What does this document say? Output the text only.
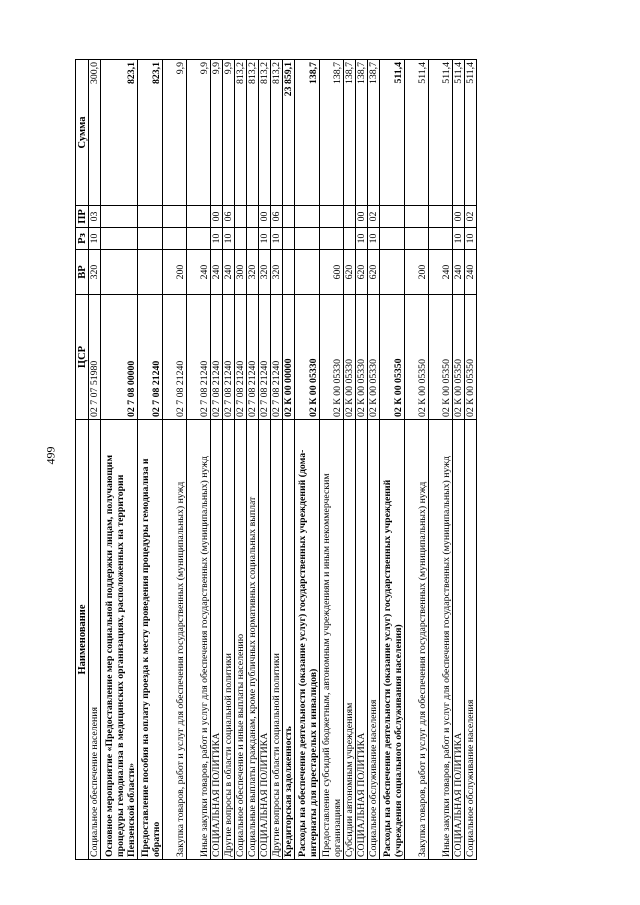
499
Наименование	ЦСР	ВР	Рз	ПР	Сумма
Социальное обеспечение населения	02 7 07 51980	320	10	03	300,0
Основное мероприятие «Предоставление мер социальной поддержки лицам, получающим процедуры гемодиализа в медицинских организациях, расположенных на территории Пензенской области»	02 7 08 00000				823,1
Предоставление пособия на оплату проезда к месту проведения процедуры гемодиализа и обратно	02 7 08 21240				823,1
Закупка товаров, работ и услуг для обеспечения государственных (муниципальных) нужд	02 7 08 21240	200			9,9
Иные закупки товаров, работ и услуг для обеспечения государственных (муниципальных) нужд	02 7 08 21240	240			9,9
СОЦИАЛЬНАЯ ПОЛИТИКА	02 7 08 21240	240	10	00	9,9
Другие вопросы в области социальной политики	02 7 08 21240	240	10	06	9,9
Социальное обеспечение и иные выплаты населению	02 7 08 21240	300			813,2
Социальные выплаты гражданам, кроме публичных нормативных социальных выплат	02 7 08 21240	320			813,2
СОЦИАЛЬНАЯ ПОЛИТИКА	02 7 08 21240	320	10	00	813,2
Другие вопросы в области социальной политики	02 7 08 21240	320	10	06	813,2
Кредиторская задолженность	02 К 00 00000				23 859,1
Расходы на обеспечение деятельности (оказание услуг) государственных учреждений (дома-интернаты для престарелых и инвалидов)	02 К 00 05330				138,7
Предоставление субсидий бюджетным, автономным учреждениям и иным некоммерческим организациям	02 К 00 05330	600			138,7
Субсидии автономным учреждениям	02 К 00 05330	620			138,7
СОЦИАЛЬНАЯ ПОЛИТИКА	02 К 00 05330	620	10	00	138,7
Социальное обслуживание населения	02 К 00 05330	620	10	02	138,7
Расходы на обеспечение деятельности (оказание услуг) государственных учреждений (учреждения социального обслуживания населения)	02 К 00 05350				511,4
Закупка товаров, работ и услуг для обеспечения государственных (муниципальных) нужд	02 К 00 05350	200			511,4
Иные закупки товаров, работ и услуг для обеспечения государственных (муниципальных) нужд	02 К 00 05350	240			511,4
СОЦИАЛЬНАЯ ПОЛИТИКА	02 К 00 05350	240	10	00	511,4
Социальное обслуживание населения	02 К 00 05350	240	10	02	511,4
